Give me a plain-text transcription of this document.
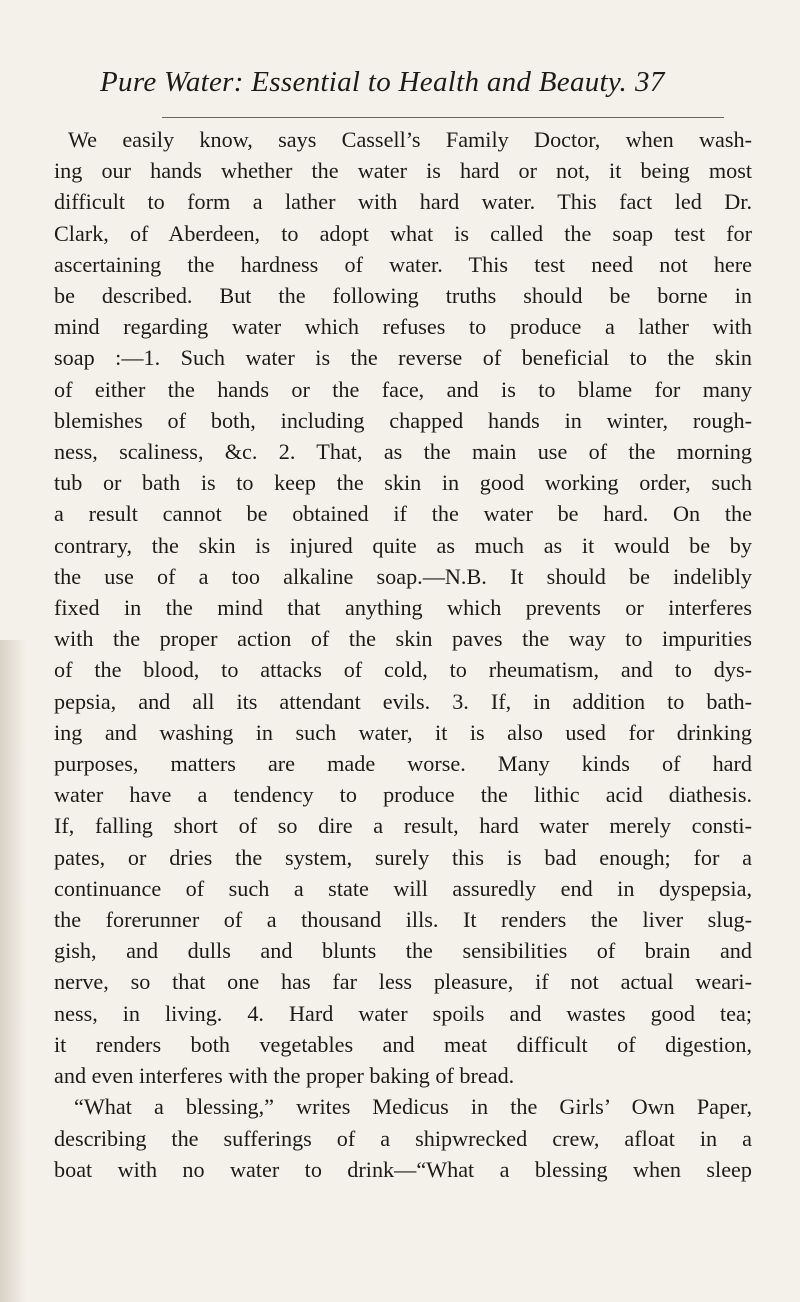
Pure Water: Essential to Health and Beauty. 37
We easily know, says Cassell’s Family Doctor, when wash-
ing our hands whether the water is hard or not, it being most
difficult to form a lather with hard water. This fact led Dr.
Clark, of Aberdeen, to adopt what is called the soap test for
ascertaining the hardness of water. This test need not here
be described. But the following truths should be borne in
mind regarding water which refuses to produce a lather with
soap :—1. Such water is the reverse of beneficial to the skin
of either the hands or the face, and is to blame for many
blemishes of both, including chapped hands in winter, rough-
ness, scaliness, &c. 2. That, as the main use of the morning
tub or bath is to keep the skin in good working order, such
a result cannot be obtained if the water be hard. On the
contrary, the skin is injured quite as much as it would be by
the use of a too alkaline soap.—N.B. It should be indelibly
fixed in the mind that anything which prevents or interferes
with the proper action of the skin paves the way to impurities
of the blood, to attacks of cold, to rheumatism, and to dys-
pepsia, and all its attendant evils. 3. If, in addition to bath-
ing and washing in such water, it is also used for drinking
purposes, matters are made worse. Many kinds of hard
water have a tendency to produce the lithic acid diathesis.
If, falling short of so dire a result, hard water merely consti-
pates, or dries the system, surely this is bad enough; for a
continuance of such a state will assuredly end in dyspepsia,
the forerunner of a thousand ills. It renders the liver slug-
gish, and dulls and blunts the sensibilities of brain and
nerve, so that one has far less pleasure, if not actual weari-
ness, in living. 4. Hard water spoils and wastes good tea;
it renders both vegetables and meat difficult of digestion,
and even interferes with the proper baking of bread.
“What a blessing,” writes Medicus in the Girls’ Own Paper,
describing the sufferings of a shipwrecked crew, afloat in a
boat with no water to drink—“What a blessing when sleep
